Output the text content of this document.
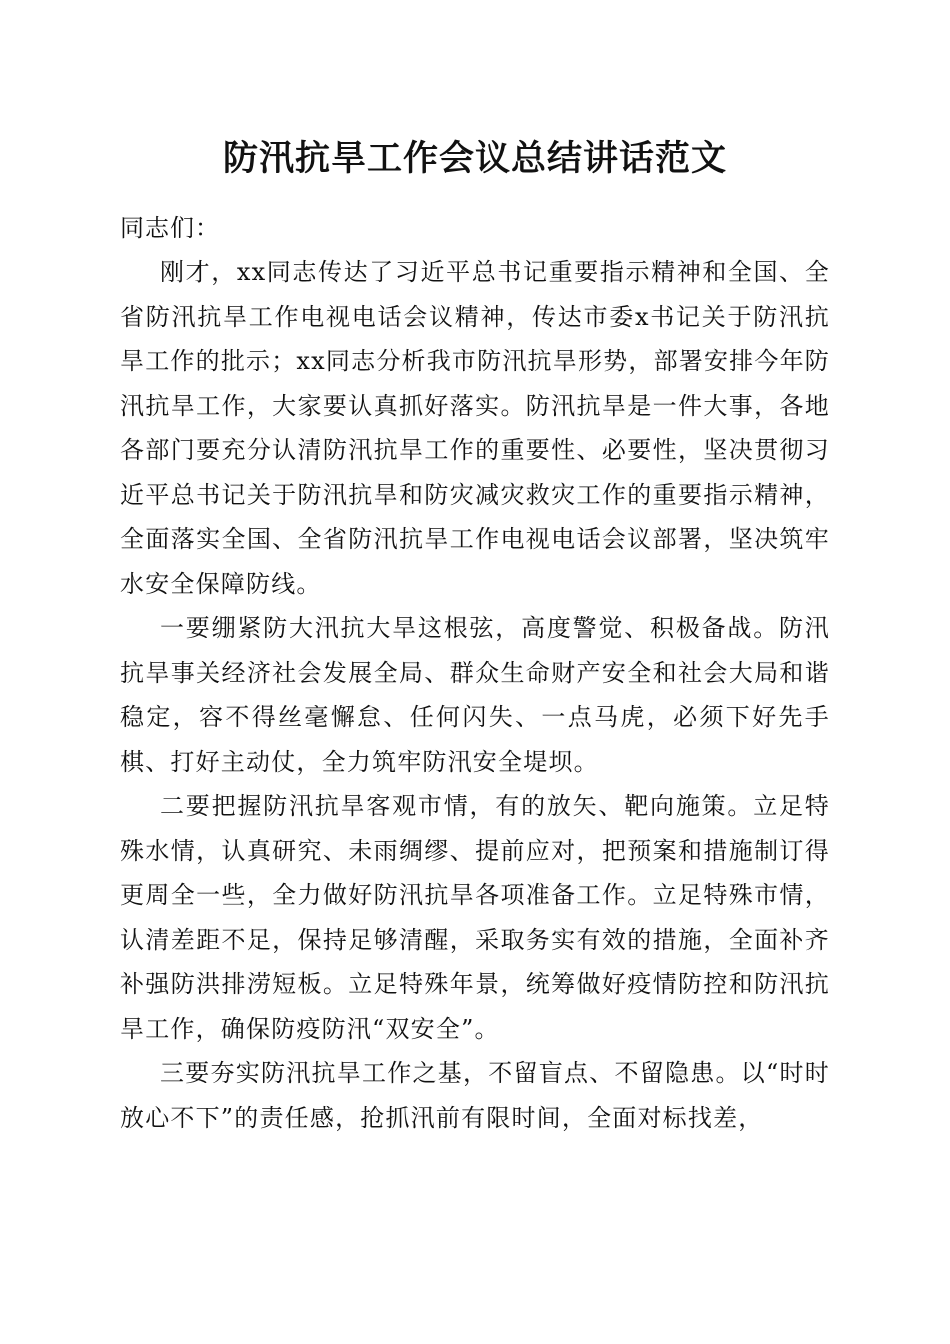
防汛抗旱工作会议总结讲话范文

同志们：

刚才，xx同志传达了习近平总书记重要指示精神和全国、全省防汛抗旱工作电视电话会议精神，传达市委x书记关于防汛抗旱工作的批示；xx同志分析我市防汛抗旱形势，部署安排今年防汛抗旱工作，大家要认真抓好落实。防汛抗旱是一件大事，各地各部门要充分认清防汛抗旱工作的重要性、必要性，坚决贯彻习近平总书记关于防汛抗旱和防灾减灾救灾工作的重要指示精神，全面落实全国、全省防汛抗旱工作电视电话会议部署，坚决筑牢水安全保障防线。

一要绷紧防大汛抗大旱这根弦，高度警觉、积极备战。防汛抗旱事关经济社会发展全局、群众生命财产安全和社会大局和谐稳定，容不得丝毫懈怠、任何闪失、一点马虎，必须下好先手棋、打好主动仗，全力筑牢防汛安全堤坝。

二要把握防汛抗旱客观市情，有的放矢、靶向施策。立足特殊水情，认真研究、未雨绸缪、提前应对，把预案和措施制订得更周全一些，全力做好防汛抗旱各项准备工作。立足特殊市情，认清差距不足，保持足够清醒，采取务实有效的措施，全面补齐补强防洪排涝短板。立足特殊年景，统筹做好疫情防控和防汛抗旱工作，确保防疫防汛“双安全”。

三要夯实防汛抗旱工作之基，不留盲点、不留隐患。以“时时放心不下”的责任感，抢抓汛前有限时间，全面对标找差，
